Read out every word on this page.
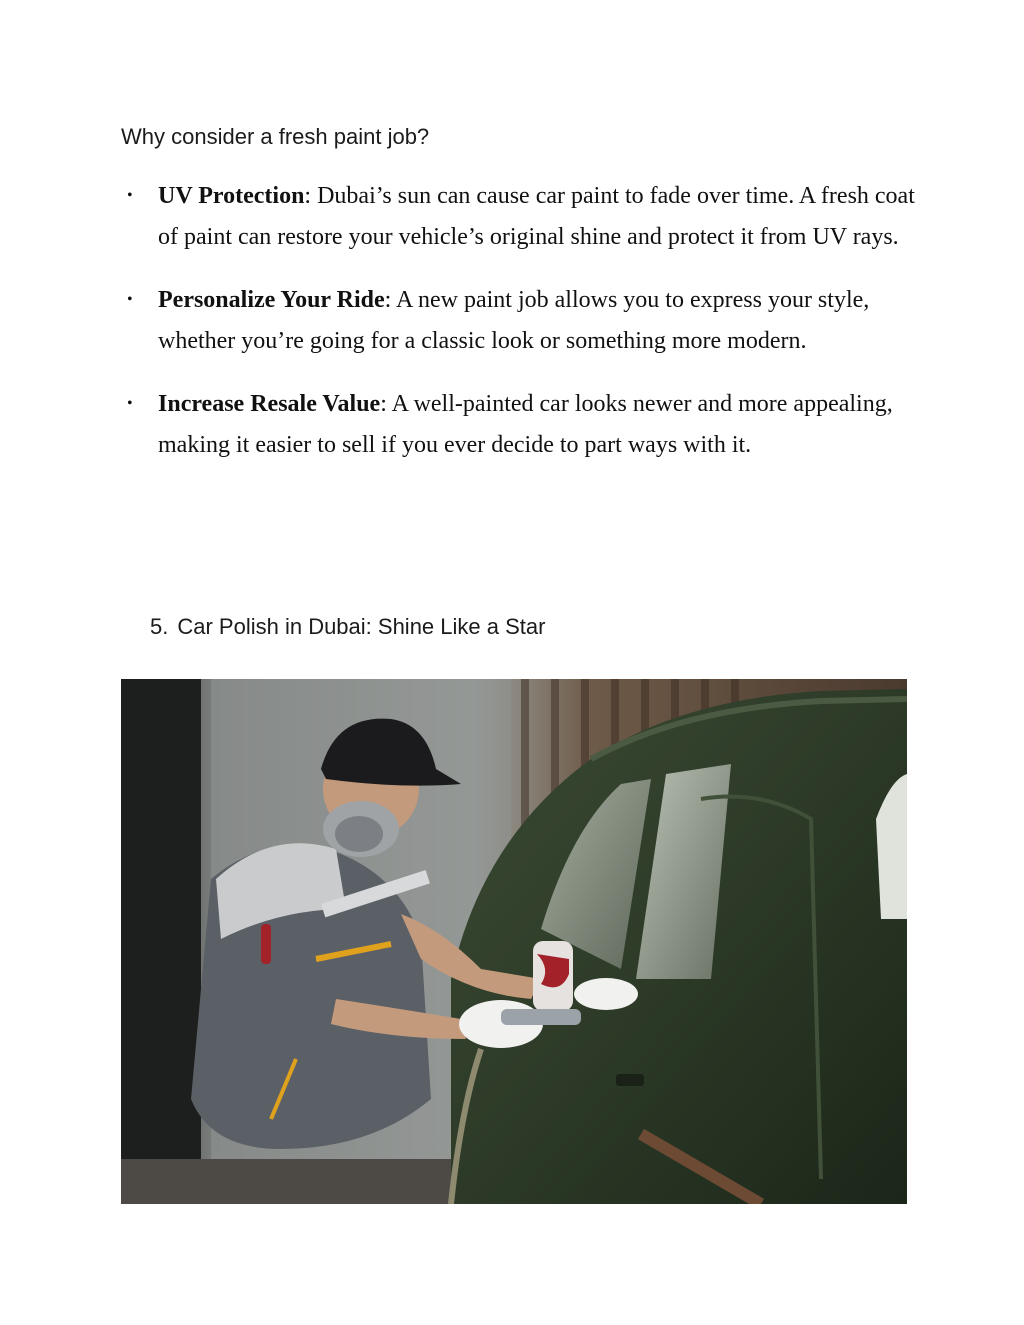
Why consider a fresh paint job?

• UV Protection: Dubai’s sun can cause car paint to fade over time. A fresh coat of paint can restore your vehicle’s original shine and protect it from UV rays.
• Personalize Your Ride: A new paint job allows you to express your style, whether you’re going for a classic look or something more modern.
• Increase Resale Value: A well-painted car looks newer and more appealing, making it easier to sell if you ever decide to part ways with it.
5. Car Polish in Dubai: Shine Like a Star
